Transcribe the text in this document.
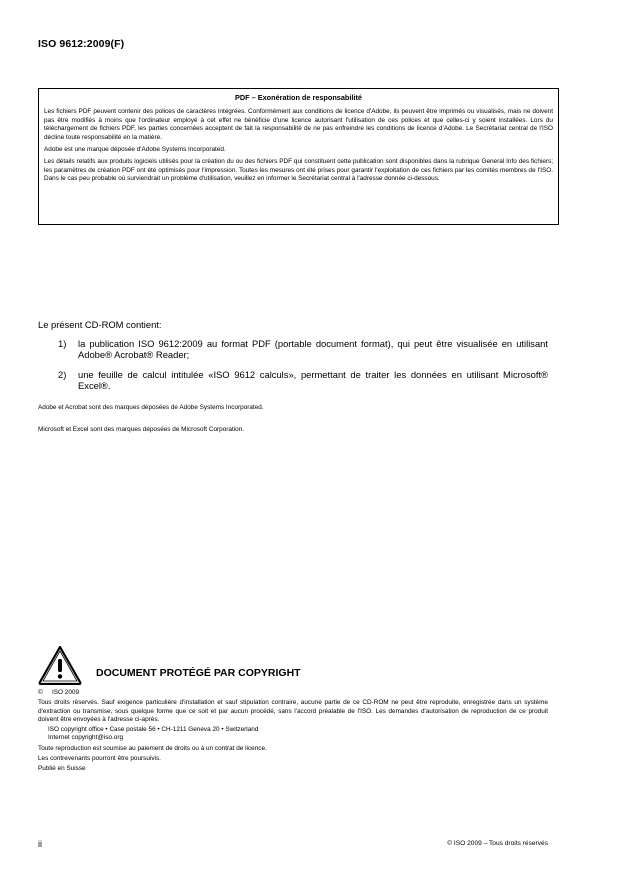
ISO 9612:2009(F)
PDF – Exonération de responsabilité

Les fichiers PDF peuvent contenir des polices de caractères intégrées. Conformément aux conditions de licence d'Adobe, ils peuvent être imprimés ou visualisés, mais ne doivent pas être modifiés à moins que l'ordinateur employé à cet effet ne bénéficie d'une licence autorisant l'utilisation de ces polices et que celles-ci y soient installées. Lors du téléchargement de fichiers PDF, les parties concernées acceptent de fait la responsabilité de ne pas enfreindre les conditions de licence d'Adobe. Le Secrétariat central de l'ISO décline toute responsabilité en la matière.

Adobe est une marque déposée d'Adobe Systems Incorporated.

Les détails relatifs aux produits logiciels utilisés pour la création du ou des fichiers PDF qui constituent cette publication sont disponibles dans la rubrique General Info des fichiers; les paramètres de création PDF ont été optimisés pour l'impression. Toutes les mesures ont été prises pour garantir l'exploitation de ces fichiers par les comités membres de l'ISO. Dans le cas peu probable où surviendrait un problème d'utilisation, veuillez en informer le Secrétariat central à l'adresse donnée ci-dessous.

Le présent CD-ROM contient:

1) la publication ISO 9612:2009 au format PDF (portable document format), qui peut être visualisée en utilisant Adobe® Acrobat® Reader;
2) une feuille de calcul intitulée «ISO 9612 calculs», permettant de traiter les données en utilisant Microsoft® Excel®.
Adobe et Acrobat sont des marques déposées de Adobe Systems Incorporated.
Microsoft et Excel sont des marques déposées de Microsoft Corporation.
DOCUMENT PROTÉGÉ PAR COPYRIGHT

© ISO 2009

Tous droits réservés. Sauf exigence particulière d'installation et sauf stipulation contraire, aucune partie de ce CD-ROM ne peut être reproduite, enregistrée dans un système d'extraction ou transmise, sous quelque forme que ce soit et par aucun procédé, sans l'accord préalable de l'ISO. Les demandes d'autorisation de reproduction de ce produit doivent être envoyées à l'adresse ci-après.

ISO copyright office • Case postale 56 • CH-1211 Geneva 20 • Switzerland
Internet copyright@iso.org

Toute reproduction est soumise au paiement de droits ou à un contrat de licence.

Les contrevenants pourront être poursuivis.

Publié en Suisse

ii	© ISO 2009 – Tous droits réservés
